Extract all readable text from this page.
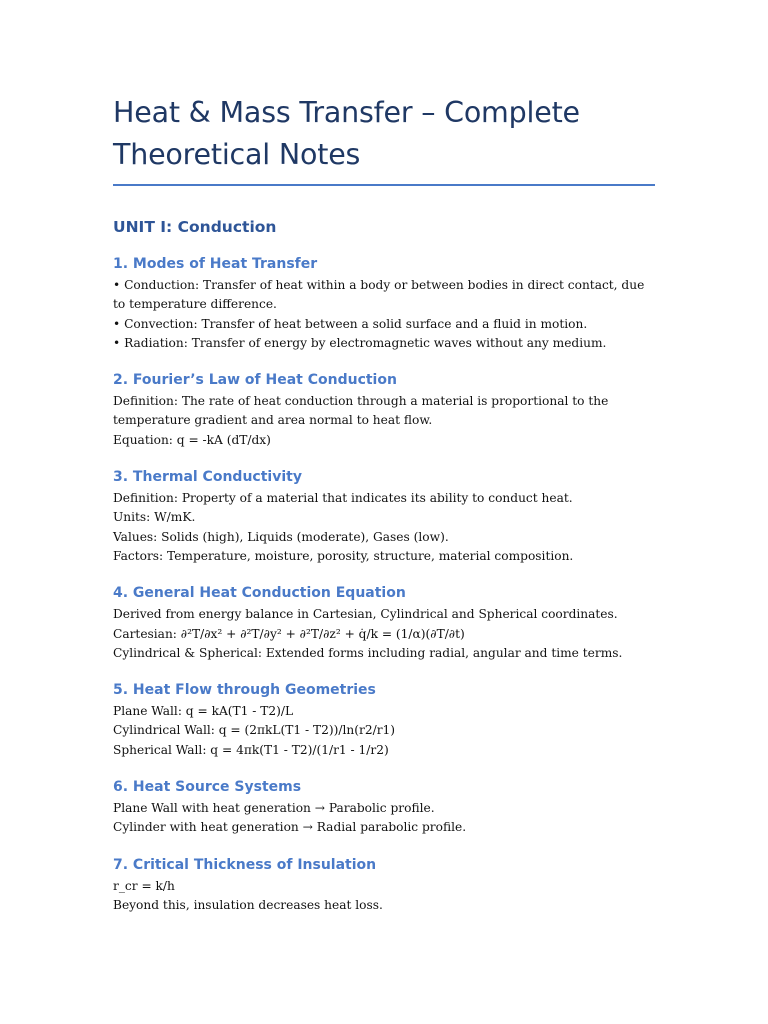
Heat & Mass Transfer – Complete Theoretical Notes
UNIT I: Conduction
1. Modes of Heat Transfer

• Conduction: Transfer of heat within a body or between bodies in direct contact, due to temperature difference.

• Convection: Transfer of heat between a solid surface and a fluid in motion.

• Radiation: Transfer of energy by electromagnetic waves without any medium.

2. Fourier’s Law of Heat Conduction

Definition: The rate of heat conduction through a material is proportional to the temperature gradient and area normal to heat flow.

Equation: q = -kA (dT/dx)

3. Thermal Conductivity

Definition: Property of a material that indicates its ability to conduct heat.

Units: W/mK.

Values: Solids (high), Liquids (moderate), Gases (low).

Factors: Temperature, moisture, porosity, structure, material composition.

4. General Heat Conduction Equation

Derived from energy balance in Cartesian, Cylindrical and Spherical coordinates.

Cartesian: ∂²T/∂x² + ∂²T/∂y² + ∂²T/∂z² + q̇/k = (1/α)(∂T/∂t)

Cylindrical & Spherical: Extended forms including radial, angular and time terms.

5. Heat Flow through Geometries

Plane Wall: q = kA(T1 - T2)/L

Cylindrical Wall: q = (2πkL(T1 - T2))/ln(r2/r1)

Spherical Wall: q = 4πk(T1 - T2)/(1/r1 - 1/r2)

6. Heat Source Systems

Plane Wall with heat generation → Parabolic profile.

Cylinder with heat generation → Radial parabolic profile.

7. Critical Thickness of Insulation

r_cr = k/h

Beyond this, insulation decreases heat loss.
